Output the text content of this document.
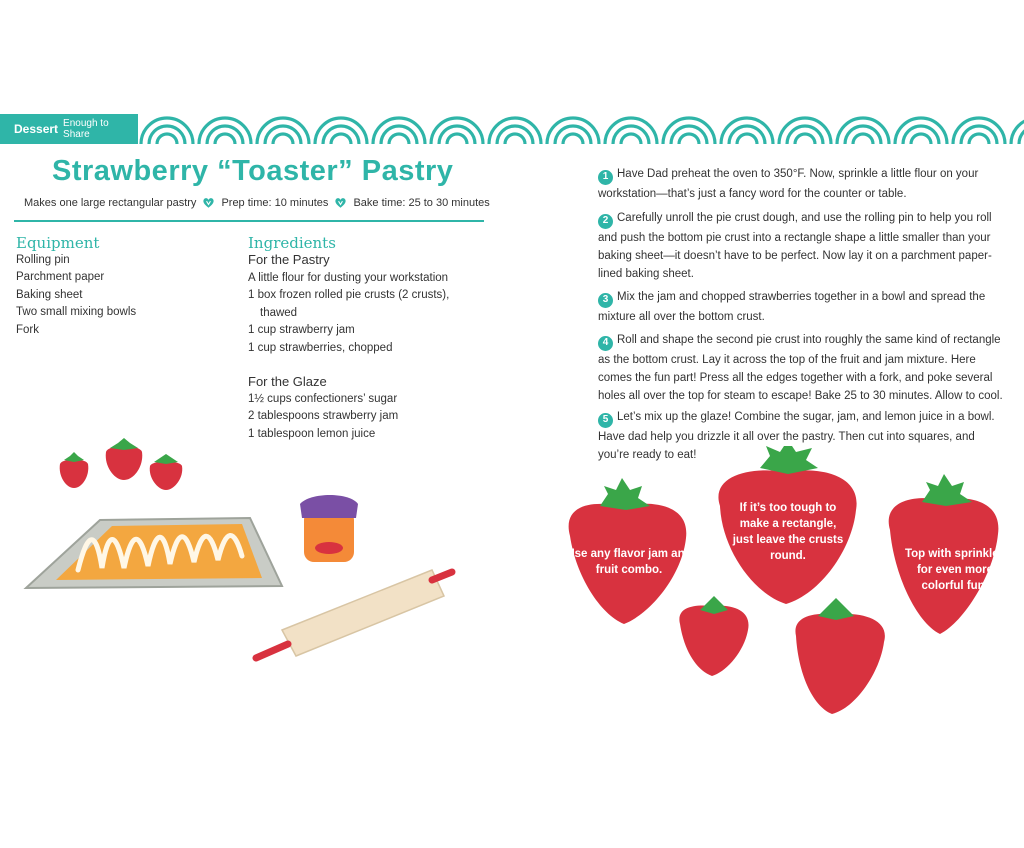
Dessert Enough to Share
Strawberry “Toaster” Pastry
Makes one large rectangular pastry Prep time: 10 minutes Bake time: 25 to 30 minutes
Equipment
Rolling pin
Parchment paper
Baking sheet
Two small mixing bowls
Fork
Ingredients
For the Pastry
A little flour for dusting your workstation
1 box frozen rolled pie crusts (2 crusts),
thawed
1 cup strawberry jam
1 cup strawberries, chopped
For the Glaze
1½ cups confectioners’ sugar
2 tablespoons strawberry jam
1 tablespoon lemon juice
1 Have Dad preheat the oven to 350°F. Now, sprinkle a little flour on your workstation—that’s just a fancy word for the counter or table.
2 Carefully unroll the pie crust dough, and use the rolling pin to help you roll and push the bottom pie crust into a rectangle shape a little smaller than your baking sheet—it doesn’t have to be perfect. Now lay it on a parchment paper-lined baking sheet.
3 Mix the jam and chopped strawberries together in a bowl and spread the mixture all over the bottom crust.
4 Roll and shape the second pie crust into roughly the same kind of rectangle as the bottom crust. Lay it across the top of the fruit and jam mixture. Here comes the fun part! Press all the edges together with a fork, and poke several holes all over the top for steam to escape! Bake 25 to 30 minutes. Allow to cool.
5 Let’s mix up the glaze! Combine the sugar, jam, and lemon juice in a bowl. Have dad help you drizzle it all over the pastry. Then cut into squares, and you’re ready to eat!
Use any flavor jam and fruit combo.
If it’s too tough to make a rectangle, just leave the crusts round.	Top with sprinkles for even more colorful fun!
